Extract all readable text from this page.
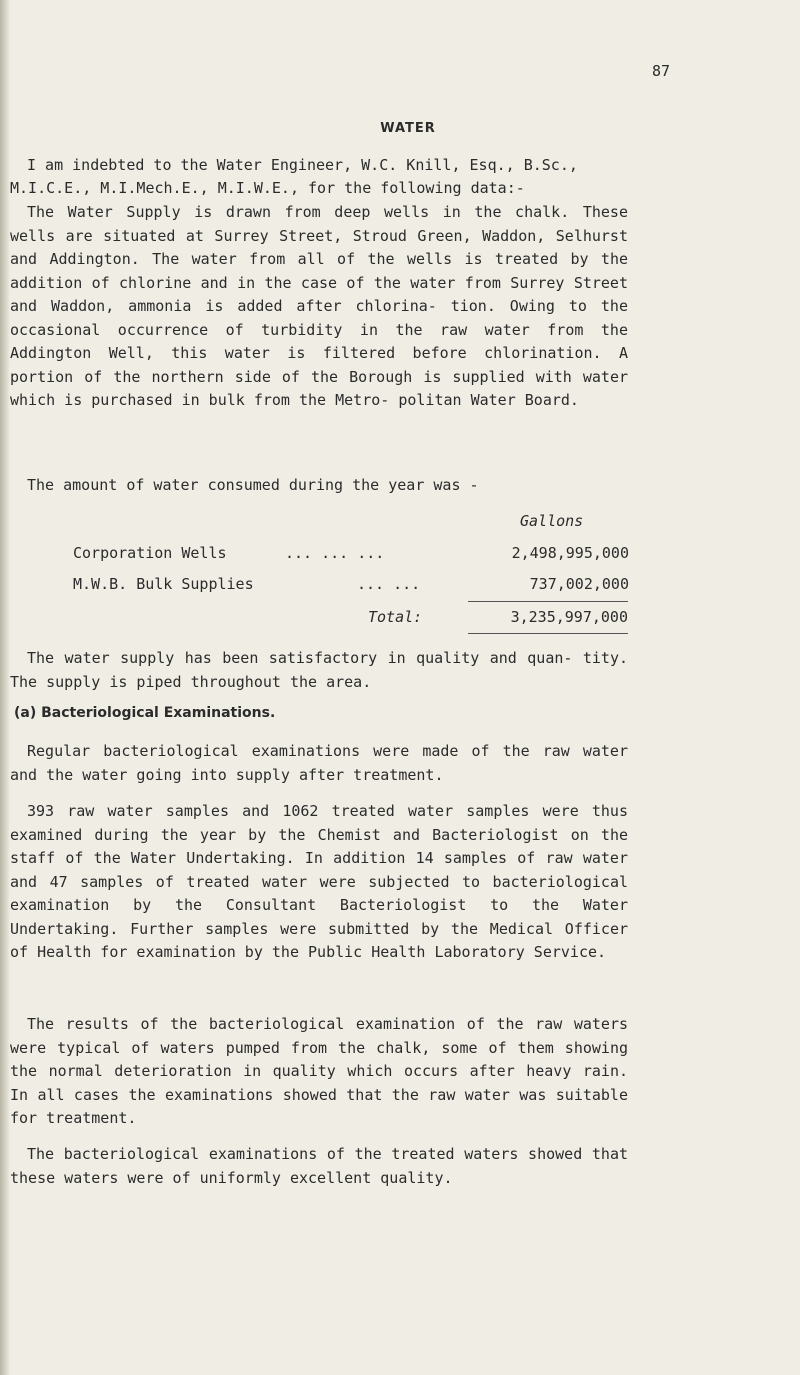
87
WATER
I am indebted to the Water Engineer, W.C. Knill, Esq., B.Sc.,
M.I.C.E., M.I.Mech.E., M.I.W.E., for the following data:-

The Water Supply is drawn from deep wells in the chalk. These wells are situated at Surrey Street, Stroud Green, Waddon, Selhurst and Addington. The water from all of the wells is treated by the addition of chlorine and in the case of the water from Surrey Street and Waddon, ammonia is added after chlorina- tion. Owing to the occasional occurrence of turbidity in the raw water from the Addington Well, this water is filtered before chlorination. A portion of the northern side of the Borough is supplied with water which is purchased in bulk from the Metro- politan Water Board.

The amount of water consumed during the year was -

Gallons
Corporation Wells	... ... ...	2,498,995,000
M.W.B. Bulk Supplies	... ...	737,002,000
Total:	3,235,997,000

The water supply has been satisfactory in quality and quan- tity. The supply is piped throughout the area.

(a) Bacteriological Examinations.

Regular bacteriological examinations were made of the raw water and the water going into supply after treatment.

393 raw water samples and 1062 treated water samples were thus examined during the year by the Chemist and Bacteriologist on the staff of the Water Undertaking. In addition 14 samples of raw water and 47 samples of treated water were subjected to bacteriological examination by the Consultant Bacteriologist to the Water Undertaking. Further samples were submitted by the Medical Officer of Health for examination by the Public Health Laboratory Service.

The results of the bacteriological examination of the raw waters were typical of waters pumped from the chalk, some of them showing the normal deterioration in quality which occurs after heavy rain. In all cases the examinations showed that the raw water was suitable for treatment.

The bacteriological examinations of the treated waters showed that these waters were of uniformly excellent quality.
